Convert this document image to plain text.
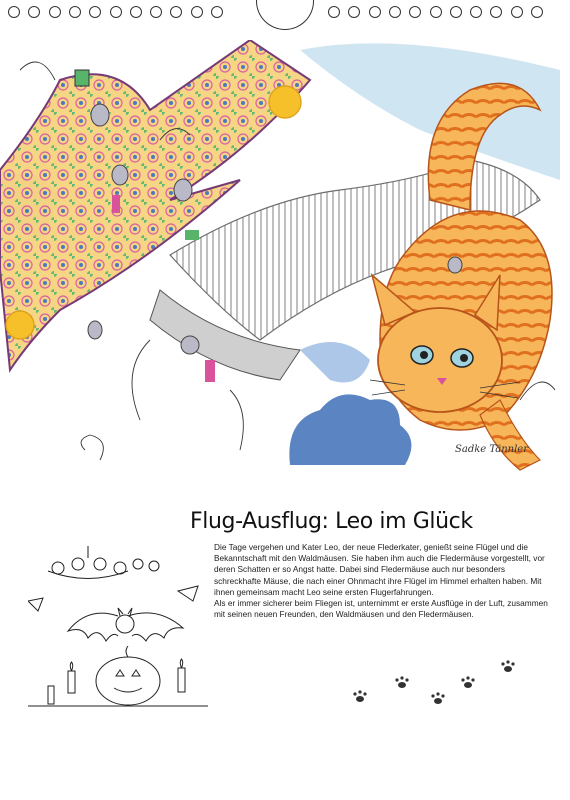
Sadke Tännler
Flug-Ausflug: Leo im Glück

Die Tage vergehen und Kater Leo, der neue Flederkater, genießt seine Flügel und die Bekanntschaft mit den Waldmäusen. Sie haben ihm auch die Fledermäuse vorgestellt, vor deren Schatten er so Angst hatte. Dabei sind Fledermäuse auch nur besonders schreckhafte Mäuse, die nach einer Ohnmacht ihre Flügel im Himmel erhalten haben. Mit ihnen gemeinsam macht Leo seine ersten Flugerfahrungen.

Als er immer sicherer beim Fliegen ist, unternimmt er erste Ausflüge in der Luft, zusammen mit seinen neuen Freunden, den Waldmäusen und den Fledermäusen.
